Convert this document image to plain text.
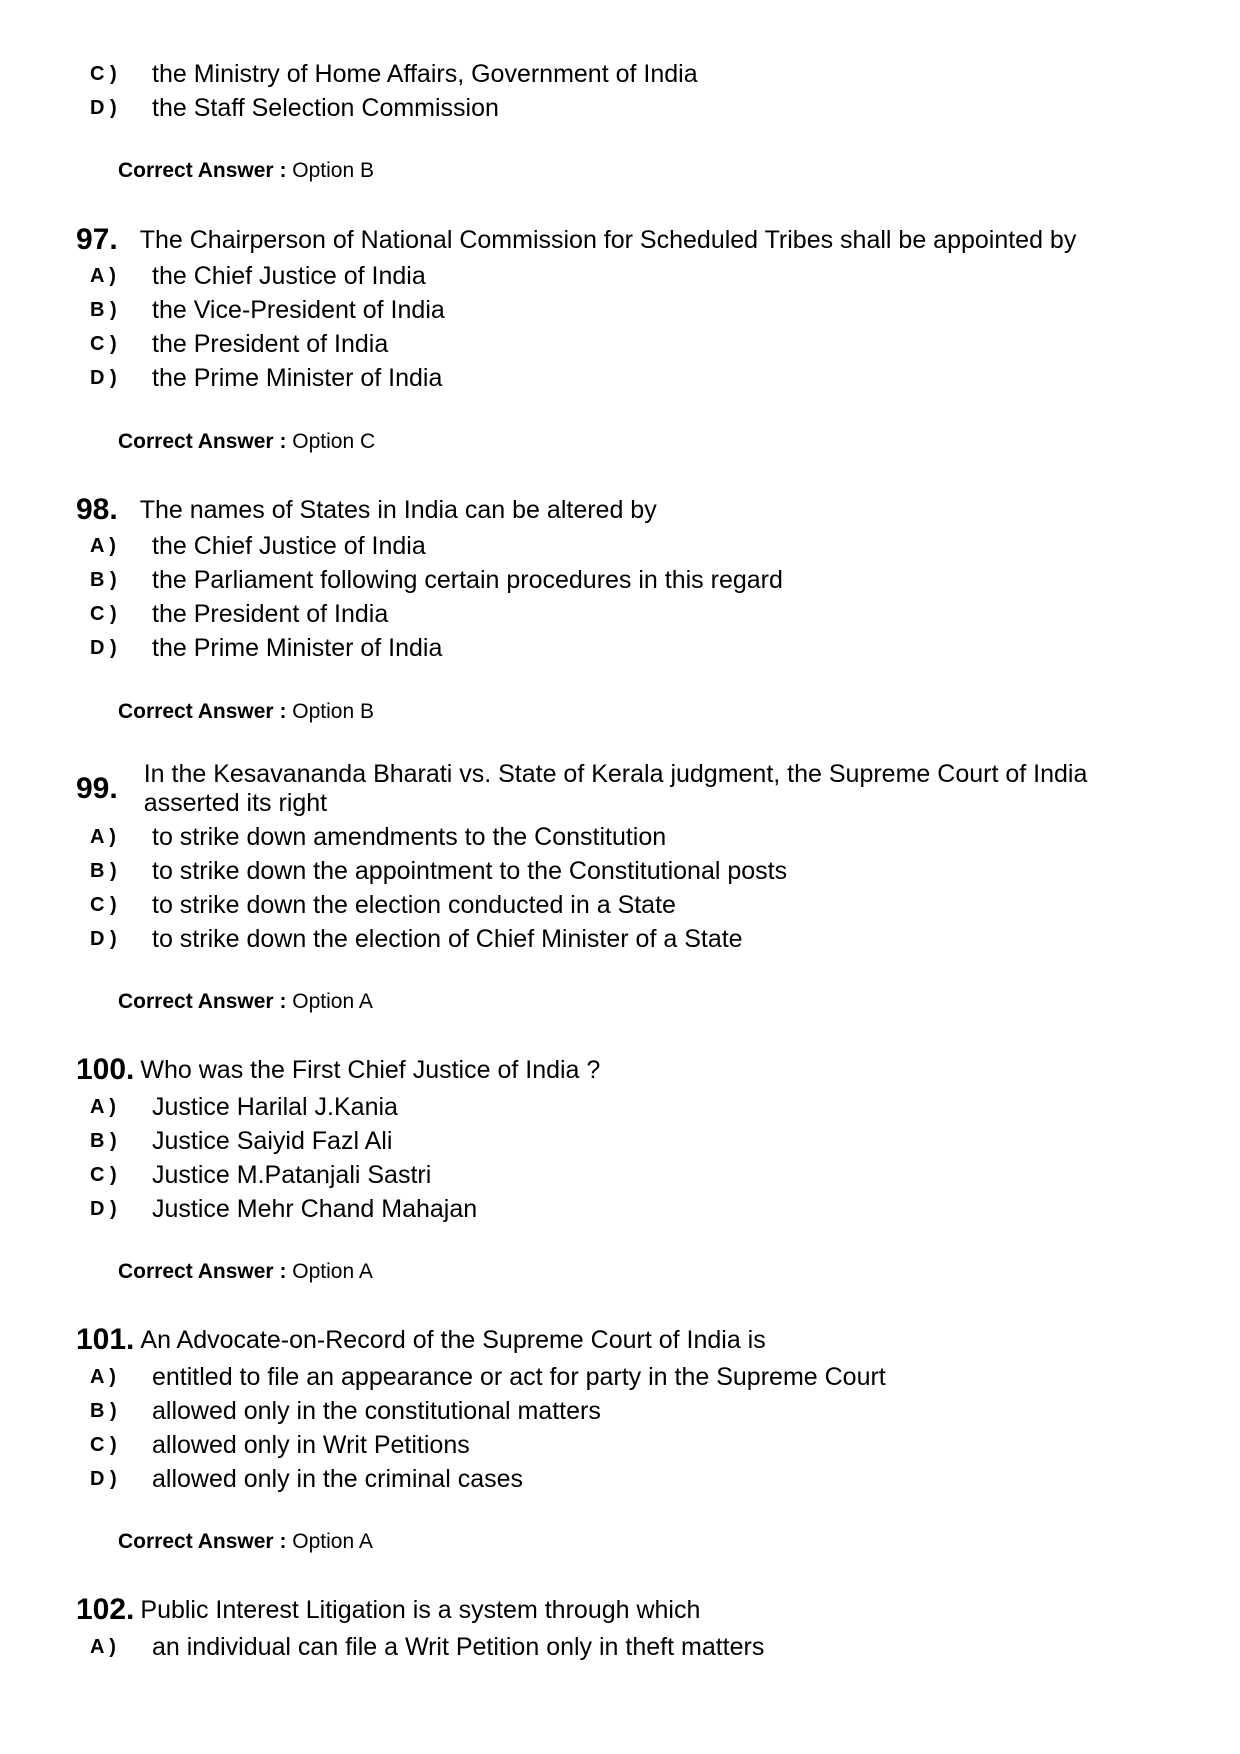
C )	the Ministry of Home Affairs, Government of India
D )	the Staff Selection Commission
Correct Answer : Option B
97. The Chairperson of National Commission for Scheduled Tribes shall be appointed by
A )	the Chief Justice of India
B )	the Vice-President of India
C )	the President of India
D )	the Prime Minister of India
Correct Answer : Option C
98. The names of States in India can be altered by
A )	the Chief Justice of India
B )	the Parliament following certain procedures in this regard
C )	the President of India
D )	the Prime Minister of India
Correct Answer : Option B
99. In the Kesavananda Bharati vs. State of Kerala judgment, the Supreme Court of India asserted its right
A )	to strike down amendments to the Constitution
B )	to strike down the appointment to the Constitutional posts
C )	to strike down the election conducted in a State
D )	to strike down the election of Chief Minister of a State
Correct Answer : Option A
100. Who was the First Chief Justice of India ?
A )	Justice Harilal J.Kania
B )	Justice Saiyid Fazl Ali
C )	Justice M.Patanjali Sastri
D )	Justice Mehr Chand Mahajan
Correct Answer : Option A
101. An Advocate-on-Record of the Supreme Court of India is
A )	entitled to file an appearance or act for party in the Supreme Court
B )	allowed only in the constitutional matters
C )	allowed only in Writ Petitions
D )	allowed only in the criminal cases
Correct Answer : Option A
102. Public Interest Litigation is a system through which
A )	an individual can file a Writ Petition only in theft matters
